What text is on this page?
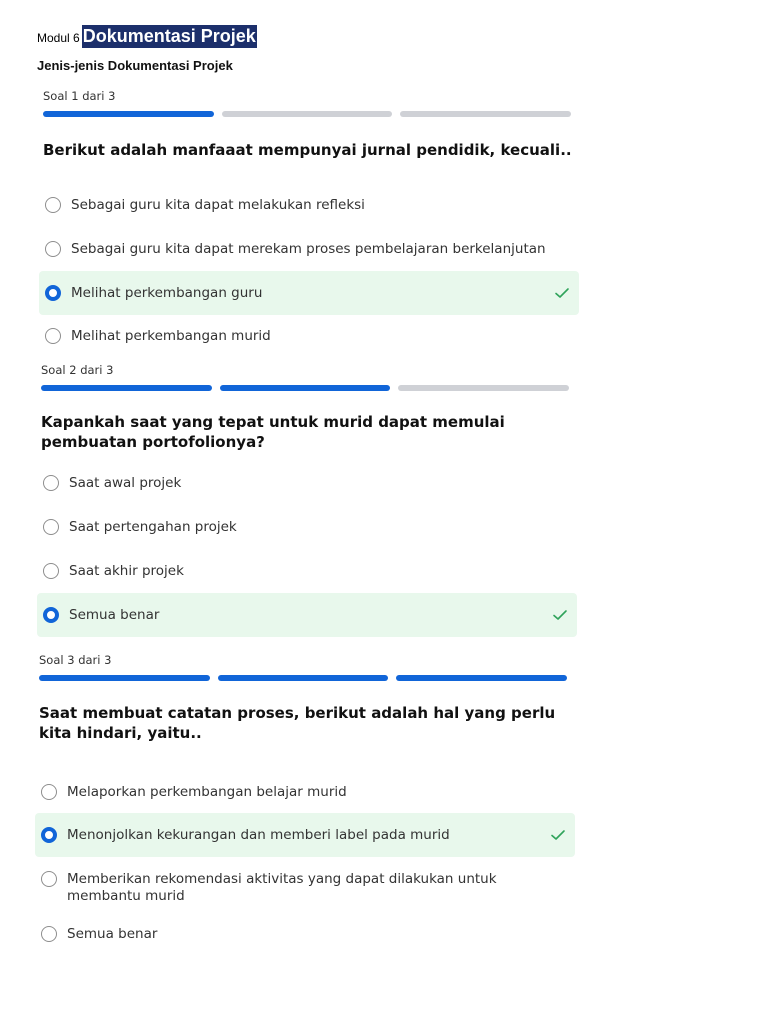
Modul 6 Dokumentasi Projek
Jenis-jenis Dokumentasi Projek
Soal 1 dari 3
Berikut adalah manfaaat mempunyai jurnal pendidik, kecuali..
Sebagai guru kita dapat melakukan refleksi
Sebagai guru kita dapat merekam proses pembelajaran berkelanjutan
Melihat perkembangan guru
Melihat perkembangan murid
Soal 2 dari 3
Kapankah saat yang tepat untuk murid dapat memulai pembuatan portofolionya?
Saat awal projek
Saat pertengahan projek
Saat akhir projek
Semua benar
Soal 3 dari 3
Saat membuat catatan proses, berikut adalah hal yang perlu kita hindari, yaitu..
Melaporkan perkembangan belajar murid
Menonjolkan kekurangan dan memberi label pada murid
Memberikan rekomendasi aktivitas yang dapat dilakukan untuk membantu murid
Semua benar
